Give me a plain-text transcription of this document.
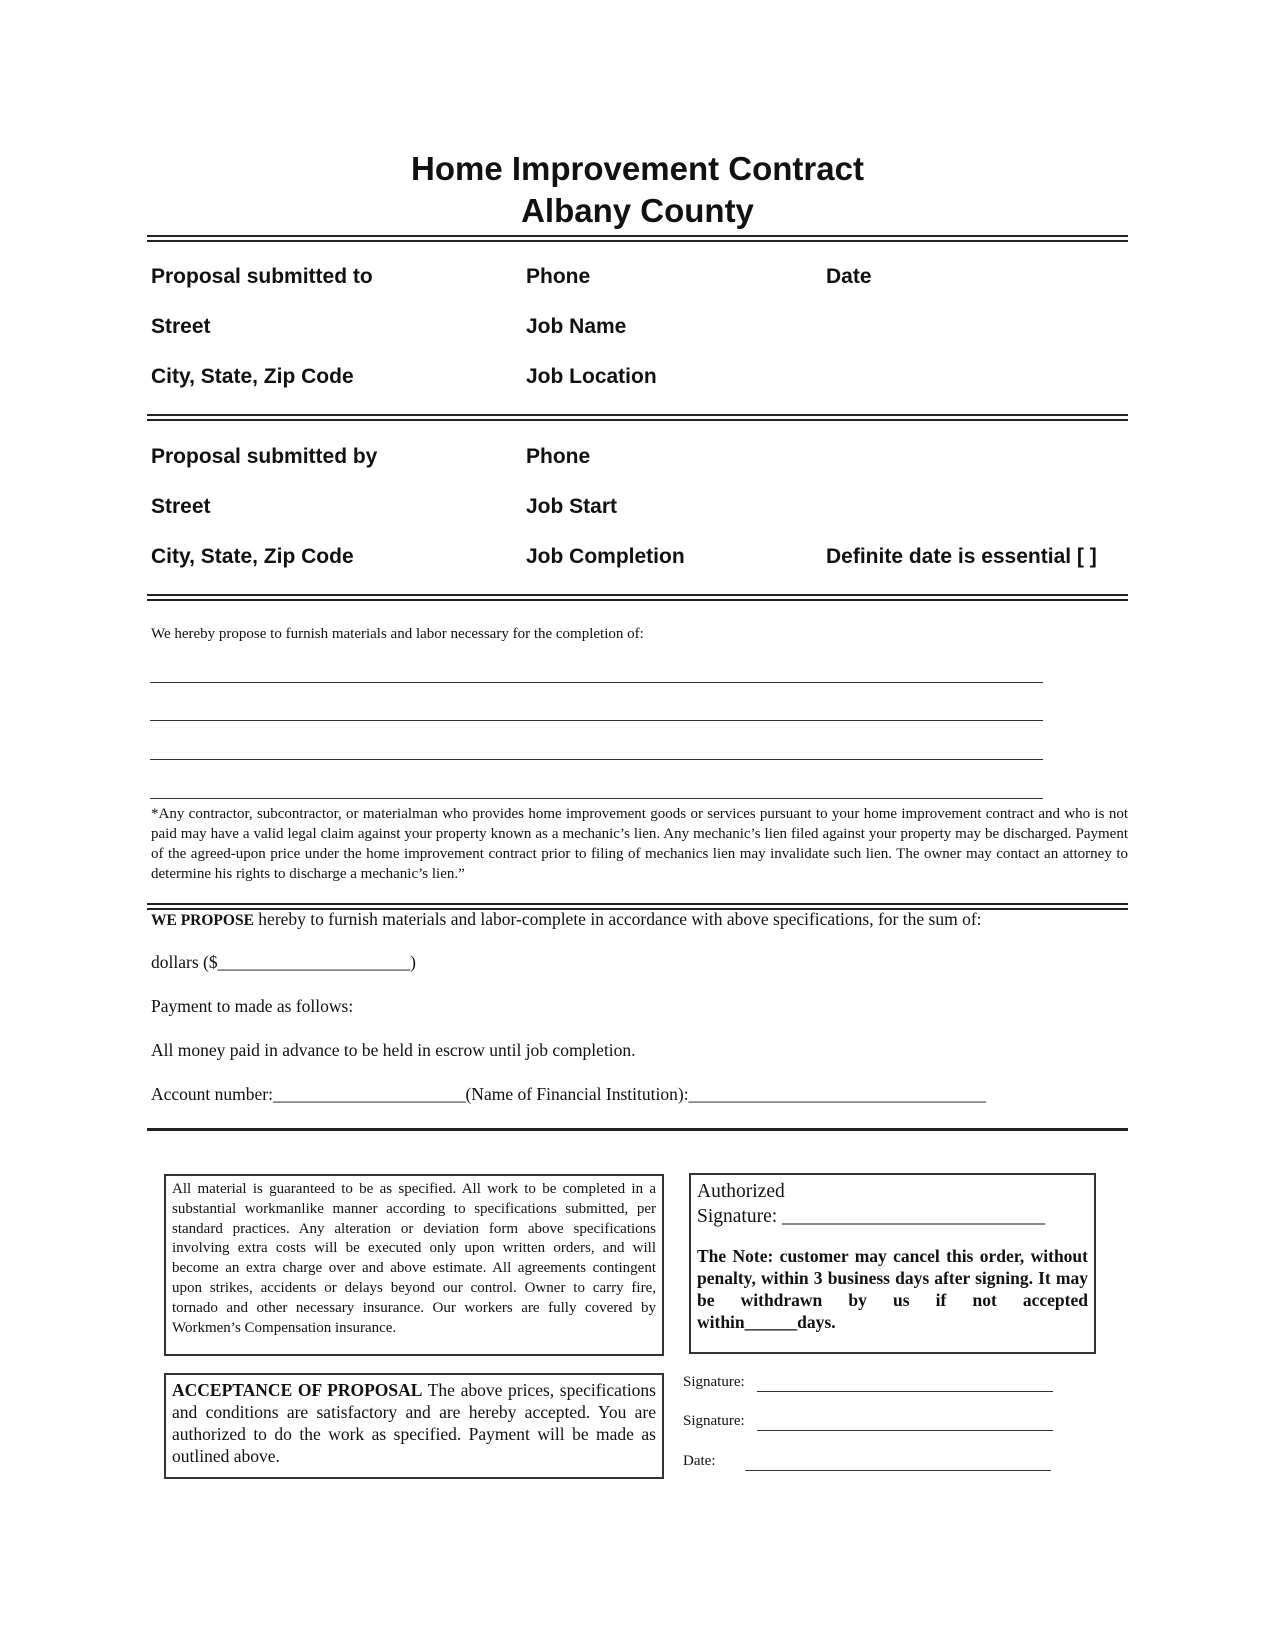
Home Improvement Contract
Albany County
Proposal submitted to	Phone	Date
Street	Job Name
City, State, Zip Code	Job Location
Proposal submitted by	Phone
Street	Job Start
City, State, Zip Code	Job Completion	Definite date is essential [ ]
We hereby propose to furnish materials and labor necessary for the completion of:
*Any contractor, subcontractor, or materialman who provides home improvement goods or services pursuant to your home improvement contract and who is not paid may have a valid legal claim against your property known as a mechanic’s lien. Any mechanic’s lien filed against your property may be discharged. Payment of the agreed-upon price under the home improvement contract prior to filing of mechanics lien may invalidate such lien. The owner may contact an attorney to determine his rights to discharge a mechanic’s lien.”
WE PROPOSE hereby to furnish materials and labor-complete in accordance with above specifications, for the sum of:
dollars ($______________________)
Payment to made as follows:
All money paid in advance to be held in escrow until job completion.
Account number:______________________(Name of Financial Institution):__________________________________
All material is guaranteed to be as specified. All work to be completed in a substantial workmanlike manner according to specifications submitted, per standard practices. Any alteration or deviation form above specifications involving extra costs will be executed only upon written orders, and will become an extra charge over and above estimate. All agreements contingent upon strikes, accidents or delays beyond our control. Owner to carry fire, tornado and other necessary insurance. Our workers are fully covered by Workmen’s Compensation insurance.
Authorized
Signature: ___________________________
The Note: customer may cancel this order, without penalty, within 3 business days after signing. It may be withdrawn by us if not accepted within______days.
ACCEPTANCE OF PROPOSAL The above prices, specifications and conditions are satisfactory and are hereby accepted. You are authorized to do the work as specified. Payment will be made as outlined above.
Signature:
Signature:
Date:
